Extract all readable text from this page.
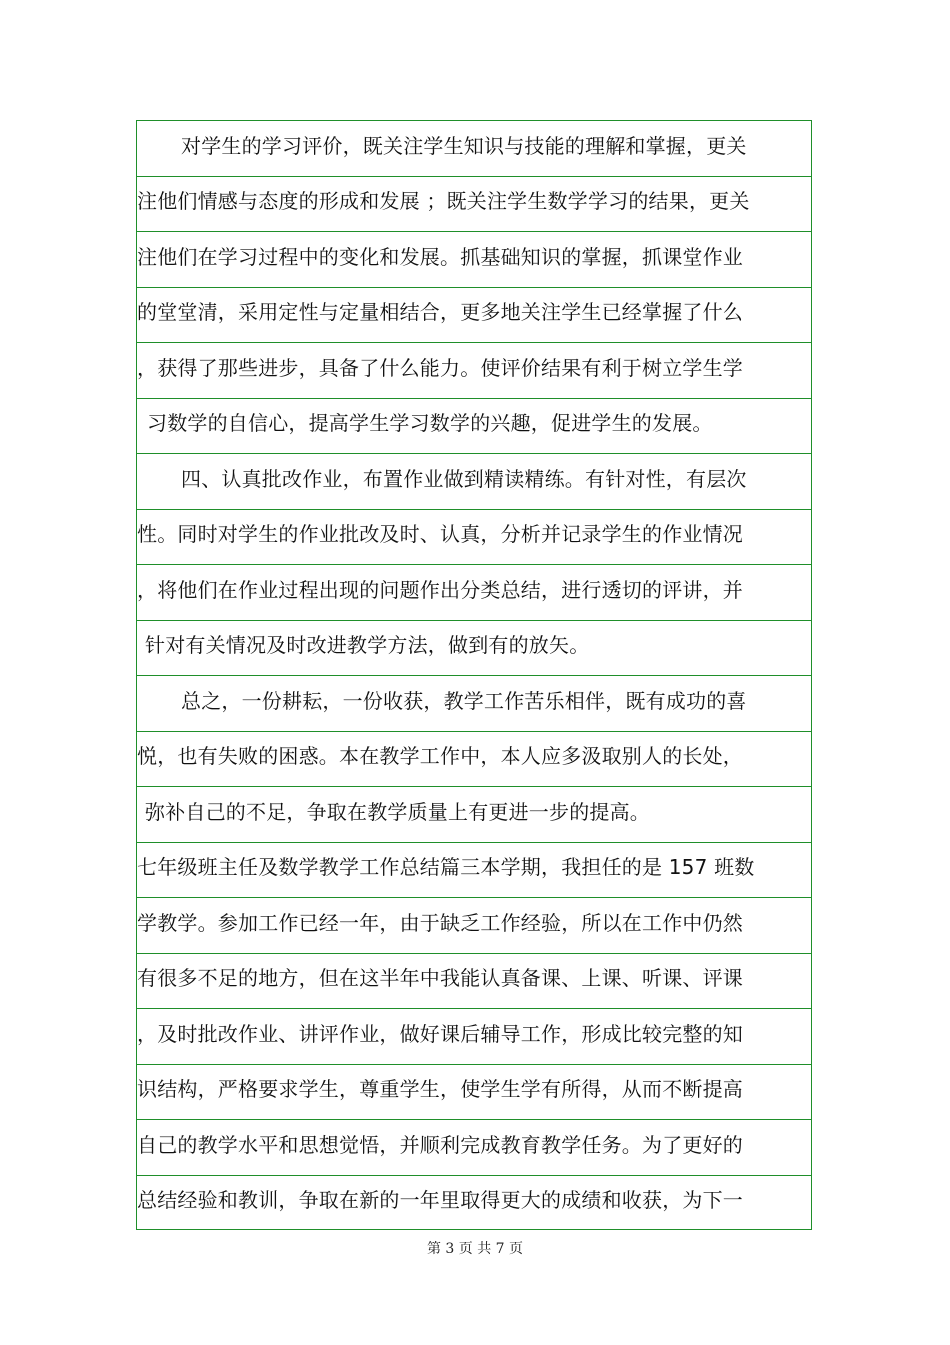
对学生的学习评价，既关注学生知识与技能的理解和掌握，更关
注他们情感与态度的形成和发展 ；既关注学生数学学习的结果，更关
注他们在学习过程中的变化和发展。抓基础知识的掌握，抓课堂作业
的堂堂清，采用定性与定量相结合，更多地关注学生已经掌握了什么
，获得了那些进步，具备了什么能力。使评价结果有利于树立学生学
习数学的自信心，提高学生学习数学的兴趣，促进学生的发展。
四、认真批改作业，布置作业做到精读精练。有针对性，有层次
性。同时对学生的作业批改及时、认真，分析并记录学生的作业情况
，将他们在作业过程出现的问题作出分类总结，进行透切的评讲，并
针对有关情况及时改进教学方法，做到有的放矢。
总之，一份耕耘，一份收获，教学工作苦乐相伴，既有成功的喜
悦，也有失败的困惑。本在教学工作中，本人应多汲取别人的长处，
弥补自己的不足，争取在教学质量上有更进一步的提高。
七年级班主任及数学教学工作总结篇三本学期，我担任的是 157 班数
学教学。参加工作已经一年，由于缺乏工作经验，所以在工作中仍然
有很多不足的地方，但在这半年中我能认真备课、上课、听课、评课
，及时批改作业、讲评作业，做好课后辅导工作，形成比较完整的知
识结构，严格要求学生，尊重学生，使学生学有所得，从而不断提高
自己的教学水平和思想觉悟，并顺利完成教育教学任务。为了更好的
总结经验和教训，争取在新的一年里取得更大的成绩和收获，为下一
第 3 页 共 7 页
